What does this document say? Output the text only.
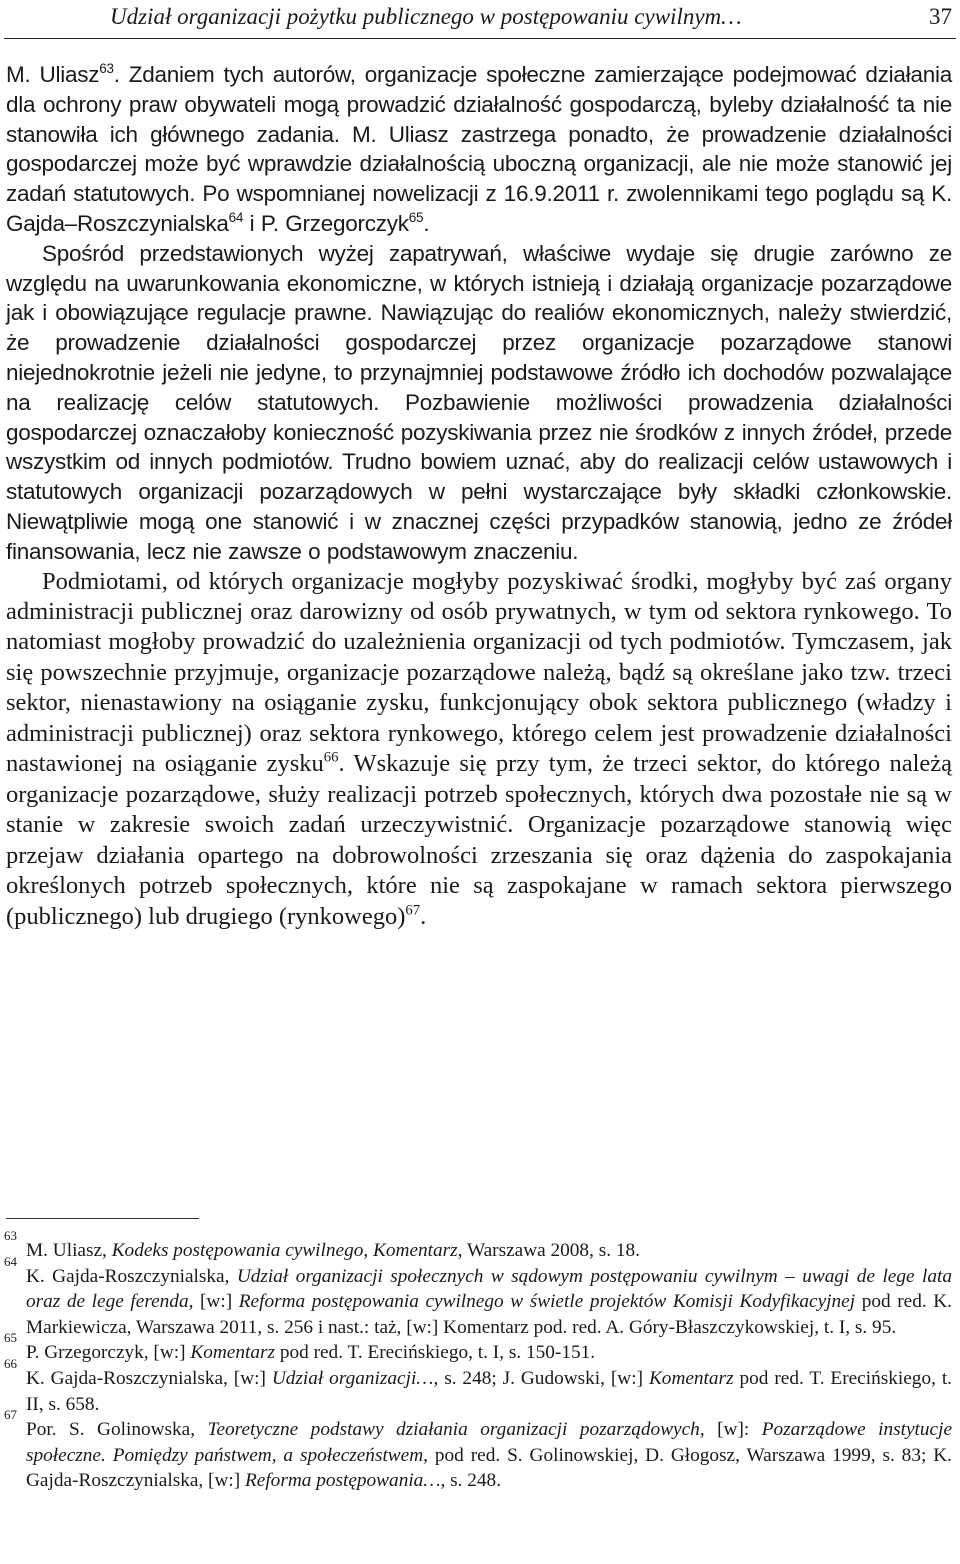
Udział organizacji pożytku publicznego w postępowaniu cywilnym…	37

M. Uliasz$^{63}$. Zdaniem tych autorów, organizacje społeczne zamierzające podejmować działania dla ochrony praw obywateli mogą prowadzić działalność gospodarczą, byleby działalność ta nie stanowiła ich głównego zadania. M. Uliasz zastrzega ponadto, że prowadzenie działalności gospodarczej może być wprawdzie działalnością uboczną organizacji, ale nie może stanowić jej zadań statutowych. Po wspomnianej nowelizacji z 16.9.2011 r. zwolennikami tego poglądu są K. Gajda–Roszczynialska$^{64}$ i P. Grzegorczyk$^{65}$.

Spośród przedstawionych wyżej zapatrywań, właściwe wydaje się drugie zarówno ze względu na uwarunkowania ekonomiczne, w których istnieją i działają organizacje pozarządowe jak i obowiązujące regulacje prawne. Nawiązując do realiów ekonomicznych, należy stwierdzić, że prowadzenie działalności gospodarczej przez organizacje pozarządowe stanowi niejednokrotnie jeżeli nie jedyne, to przynajmniej podstawowe źródło ich dochodów pozwalające na realizację celów statutowych. Pozbawienie możliwości prowadzenia działalności gospodarczej oznaczałoby konieczność pozyskiwania przez nie środków z innych źródeł, przede wszystkim od innych podmiotów. Trudno bowiem uznać, aby do realizacji celów ustawowych i statutowych organizacji pozarządowych w pełni wystarczające były składki członkowskie. Niewątpliwie mogą one stanowić i w znacznej części przypadków stanowią, jedno ze źródeł finansowania, lecz nie zawsze o podstawowym znaczeniu.

Podmiotami, od których organizacje mogłyby pozyskiwać środki, mogłyby być zaś organy administracji publicznej oraz darowizny od osób prywatnych, w tym od sektora rynkowego. To natomiast mogłoby prowadzić do uzależnienia organizacji od tych podmiotów. Tymczasem, jak się powszechnie przyjmuje, organizacje pozarządowe należą, bądź są określane jako tzw. trzeci sektor, nienastawiony na osiąganie zysku, funkcjonujący obok sektora publicznego (władzy i administracji publicznej) oraz sektora rynkowego, którego celem jest prowadzenie działalności nastawionej na osiąganie zysku$^{66}$. Wskazuje się przy tym, że trzeci sektor, do którego należą organizacje pozarządowe, służy realizacji potrzeb społecznych, których dwa pozostałe nie są w stanie w zakresie swoich zadań urzeczywistnić. Organizacje pozarządowe stanowią więc przejaw działania opartego na dobrowolności zrzeszania się oraz dążenia do zaspokajania określonych potrzeb społecznych, które nie są zaspokajane w ramach sektora pierwszego (publicznego) lub drugiego (rynkowego)$^{67}$.

63
M. Uliasz, Kodeks postępowania cywilnego, Komentarz, Warszawa 2008, s. 18.

64
K. Gajda-Roszczynialska, Udział organizacji społecznych w sądowym postępowaniu cywilnym – uwagi de lege lata oraz de lege ferenda, [w:] Reforma postępowania cywilnego w świetle projektów Komisji Kodyfikacyjnej pod red. K. Markiewicza, Warszawa 2011, s. 256 i nast.: taż, [w:] Komentarz pod. red. A. Góry-Błaszczykowskiej, t. I, s. 95.

65
P. Grzegorczyk, [w:] Komentarz pod red. T. Erecińskiego, t. I, s. 150-151.

66
K. Gajda-Roszczynialska, [w:] Udział organizacji…, s. 248; J. Gudowski, [w:] Komentarz pod red. T. Erecińskiego, t. II, s. 658.

67
Por. S. Golinowska, Teoretyczne podstawy działania organizacji pozarządowych, [w]: Pozarządowe instytucje społeczne. Pomiędzy państwem, a społeczeństwem, pod red. S. Golinowskiej, D. Głogosz, Warszawa 1999, s. 83; K. Gajda-Roszczynialska, [w:] Reforma postępowania…, s. 248.
